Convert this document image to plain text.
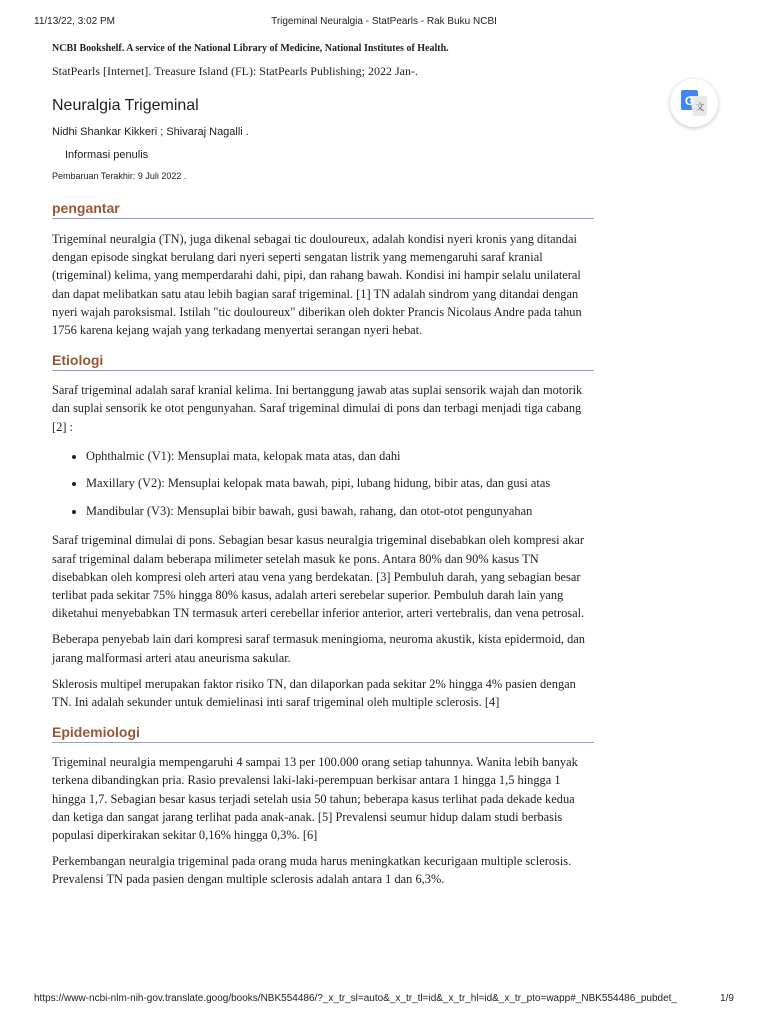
11/13/22, 3:02 PM	Trigeminal Neuralgia - StatPearls - Rak Buku NCBI
G 文
NCBI Bookshelf. A service of the National Library of Medicine, National Institutes of Health.
StatPearls [Internet]. Treasure Island (FL): StatPearls Publishing; 2022 Jan-.
Neuralgia Trigeminal
Nidhi Shankar Kikkeri ; Shivaraj Nagalli .
Informasi penulis
Pembaruan Terakhir: 9 Juli 2022 .
pengantar

Trigeminal neuralgia (TN), juga dikenal sebagai tic douloureux, adalah kondisi nyeri kronis yang ditandai dengan episode singkat berulang dari nyeri seperti sengatan listrik yang memengaruhi saraf kranial (trigeminal) kelima, yang memperdarahi dahi, pipi, dan rahang bawah. Kondisi ini hampir selalu unilateral dan dapat melibatkan satu atau lebih bagian saraf trigeminal. [1] TN adalah sindrom yang ditandai dengan nyeri wajah paroksismal. Istilah "tic douloureux" diberikan oleh dokter Prancis Nicolaus Andre pada tahun 1756 karena kejang wajah yang terkadang menyertai serangan nyeri hebat.

Etiologi

Saraf trigeminal adalah saraf kranial kelima. Ini bertanggung jawab atas suplai sensorik wajah dan motorik dan suplai sensorik ke otot pengunyahan. Saraf trigeminal dimulai di pons dan terbagi menjadi tiga cabang [2] :

• Ophthalmic (V1): Mensuplai mata, kelopak mata atas, dan dahi
• Maxillary (V2): Mensuplai kelopak mata bawah, pipi, lubang hidung, bibir atas, dan gusi atas
• Mandibular (V3): Mensuplai bibir bawah, gusi bawah, rahang, dan otot-otot pengunyahan

Saraf trigeminal dimulai di pons. Sebagian besar kasus neuralgia trigeminal disebabkan oleh kompresi akar saraf trigeminal dalam beberapa milimeter setelah masuk ke pons. Antara 80% dan 90% kasus TN disebabkan oleh kompresi oleh arteri atau vena yang berdekatan. [3] Pembuluh darah, yang sebagian besar terlibat pada sekitar 75% hingga 80% kasus, adalah arteri serebelar superior. Pembuluh darah lain yang diketahui menyebabkan TN termasuk arteri cerebellar inferior anterior, arteri vertebralis, dan vena petrosal.

Beberapa penyebab lain dari kompresi saraf termasuk meningioma, neuroma akustik, kista epidermoid, dan jarang malformasi arteri atau aneurisma sakular.

Sklerosis multipel merupakan faktor risiko TN, dan dilaporkan pada sekitar 2% hingga 4% pasien dengan TN. Ini adalah sekunder untuk demielinasi inti saraf trigeminal oleh multiple sclerosis. [4]

Epidemiologi

Trigeminal neuralgia mempengaruhi 4 sampai 13 per 100.000 orang setiap tahunnya. Wanita lebih banyak terkena dibandingkan pria. Rasio prevalensi laki-laki-perempuan berkisar antara 1 hingga 1,5 hingga 1 hingga 1,7. Sebagian besar kasus terjadi setelah usia 50 tahun; beberapa kasus terlihat pada dekade kedua dan ketiga dan sangat jarang terlihat pada anak-anak. [5] Prevalensi seumur hidup dalam studi berbasis populasi diperkirakan sekitar 0,16% hingga 0,3%. [6]

Perkembangan neuralgia trigeminal pada orang muda harus meningkatkan kecurigaan multiple sclerosis. Prevalensi TN pada pasien dengan multiple sclerosis adalah antara 1 dan 6,3%.

https://www-ncbi-nlm-nih-gov.translate.goog/books/NBK554486/?_x_tr_sl=auto&_x_tr_tl=id&_x_tr_hl=id&_x_tr_pto=wapp#_NBK554486_pubdet_	1/9
